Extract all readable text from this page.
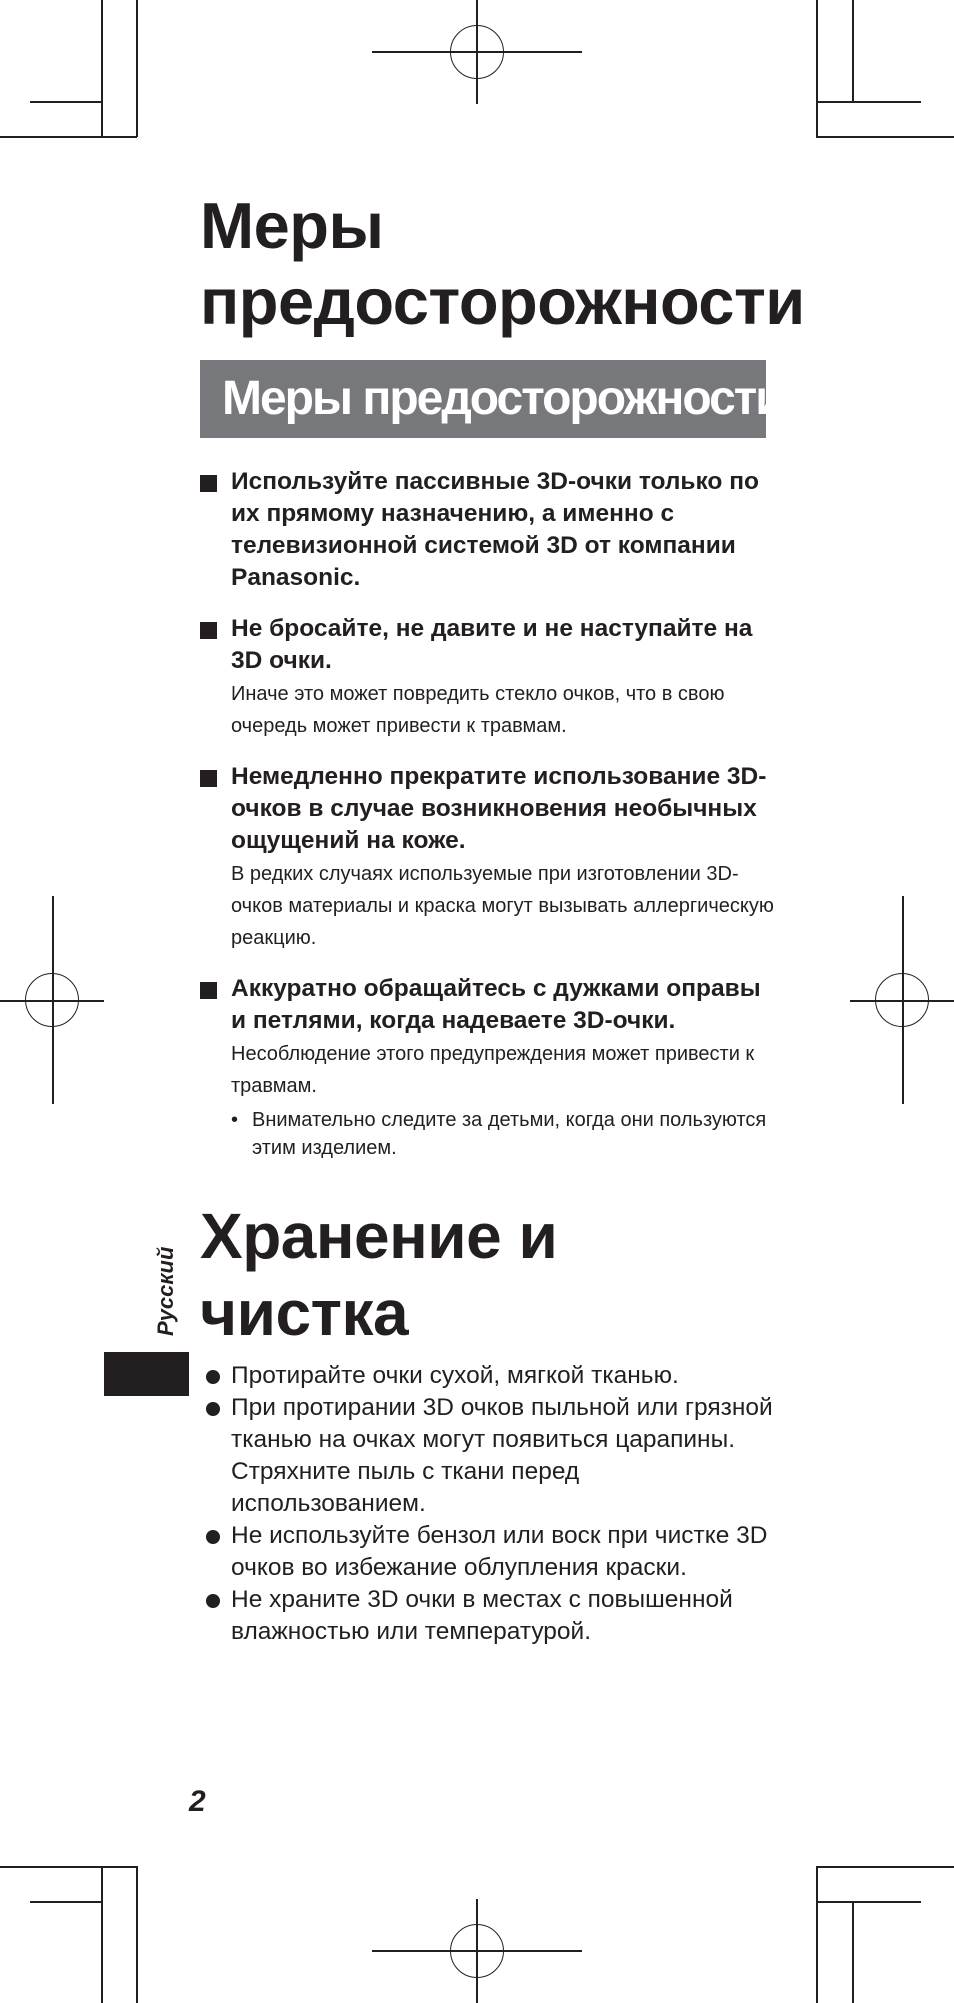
Русский
Меры предосторожности
Меры предосторожности
Используйте пассивные 3D-очки только по их прямому назначению, а именно с телевизионной системой 3D от компании Panasonic.
Не бросайте, не давите и не наступайте на 3D очки.
Иначе это может повредить стекло очков, что в свою очередь может привести к травмам.
Немедленно прекратите использование 3D-очков в случае возникновения необычных ощущений на коже.
В редких случаях используемые при изготовлении 3D-очков материалы и краска могут вызывать аллергическую реакцию.
Аккуратно обращайтесь с дужками оправы и петлями, когда надеваете 3D-очки.
Несоблюдение этого предупреждения может привести к травмам.
• Внимательно следите за детьми, когда они пользуются этим изделием.
Хранение и чистка
Протирайте очки сухой, мягкой тканью.
При протирании 3D очков пыльной или грязной тканью на очках могут появиться царапины. Стряхните пыль с ткани перед использованием.
Не используйте бензол или воск при чистке 3D очков во избежание облупления краски.
Не храните 3D очки в местах с повышенной влажностью или температурой.
2
